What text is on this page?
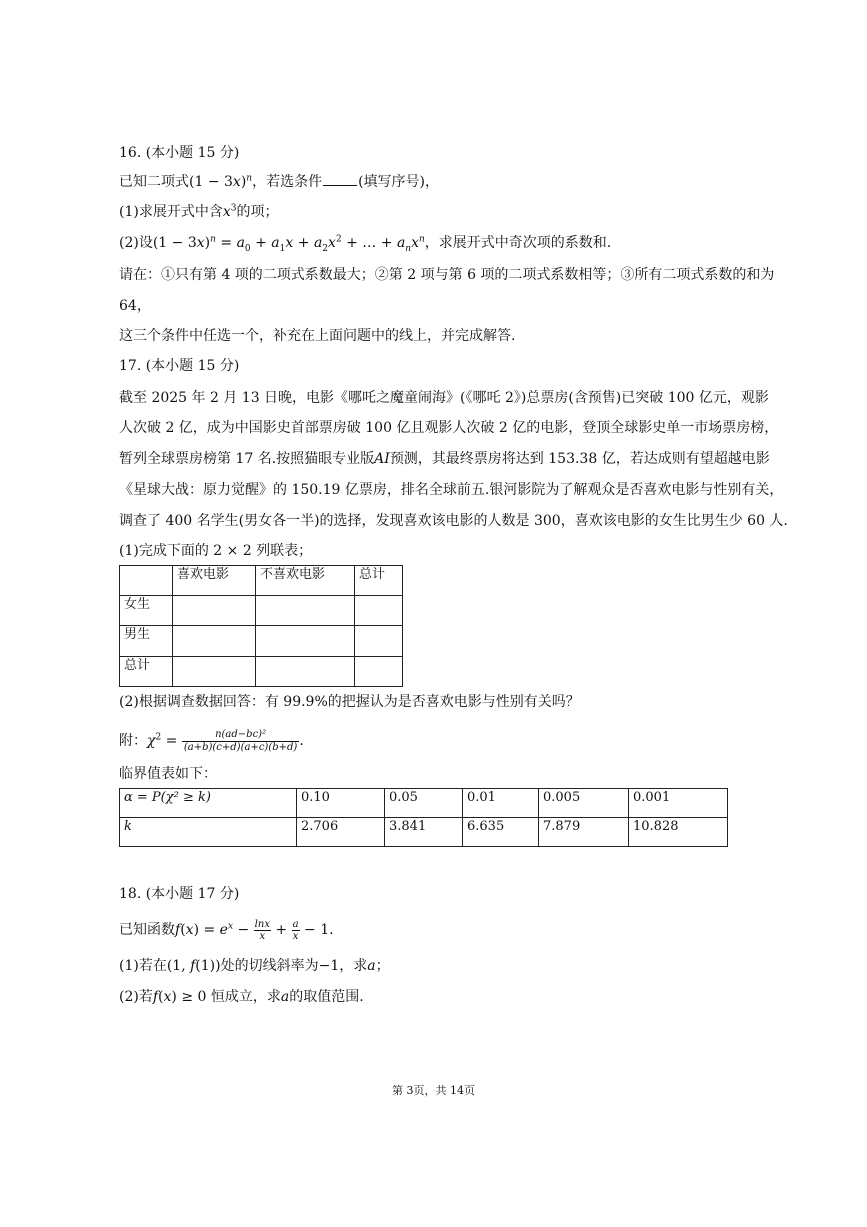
16. (本小题 15 分)
已知二项式$(1 - 3x)^n$，若选条件	(填写序号)，
(1)求展开式中含$x^3$的项；
(2)设$(1 - 3x)^n = a_0 + a_1x + a_2x^2$ + … + $a_nx^n$，求展开式中奇次项的系数和.
请在：①只有第 4 项的二项式系数最大；②第 2 项与第 6 项的二项式系数相等；③所有二项式系数的和为
64，
这三个条件中任选一个，补充在上面问题中的线上，并完成解答.
17. (本小题 15 分)
截至 2025 年 2 月 13 日晚，电影《哪吒之魔童闹海》(《哪吒 2》)总票房(含预售)已突破 100 亿元，观影
人次破 2 亿，成为中国影史首部票房破 100 亿且观影人次破 2 亿的电影，登顶全球影史单一市场票房榜，
暂列全球票房榜第 17 名.按照猫眼专业版AI预测，其最终票房将达到 153.38 亿，若达成则有望超越电影
《星球大战：原力觉醒》的 150.19 亿票房，排名全球前五.银河影院为了解观众是否喜欢电影与性别有关，
调查了 400 名学生(男女各一半)的选择，发现喜欢该电影的人数是 300，喜欢该电影的女生比男生少 60 人.
(1)完成下面的 2 × 2 列联表；
	喜欢电影	不喜欢电影	总计
女生			
男生			
总计			
(2)根据调查数据回答：有 99.9%的把握认为是否喜欢电影与性别有关吗？
附：$\chi^2 = \frac{\text{n(ad−bc)²}}{(a+b)(c+d)(a+c)(b+d)}$ .
临界值表如下：
α = P(χ² ≥ k)	0.10	0.05	0.01	0.005	0.001
k	2.706	3.841	6.635	7.879	10.828
18. (本小题 17 分)
已知函数$f(x) = e^x - \frac{\ln x}{x} + \frac{a}{x} - 1$.
(1)若在(1, f(1))处的切线斜率为−1，求a；
(2)若f(x) ≥ 0 恒成立，求a的取值范围.
第 3页，共 14页
